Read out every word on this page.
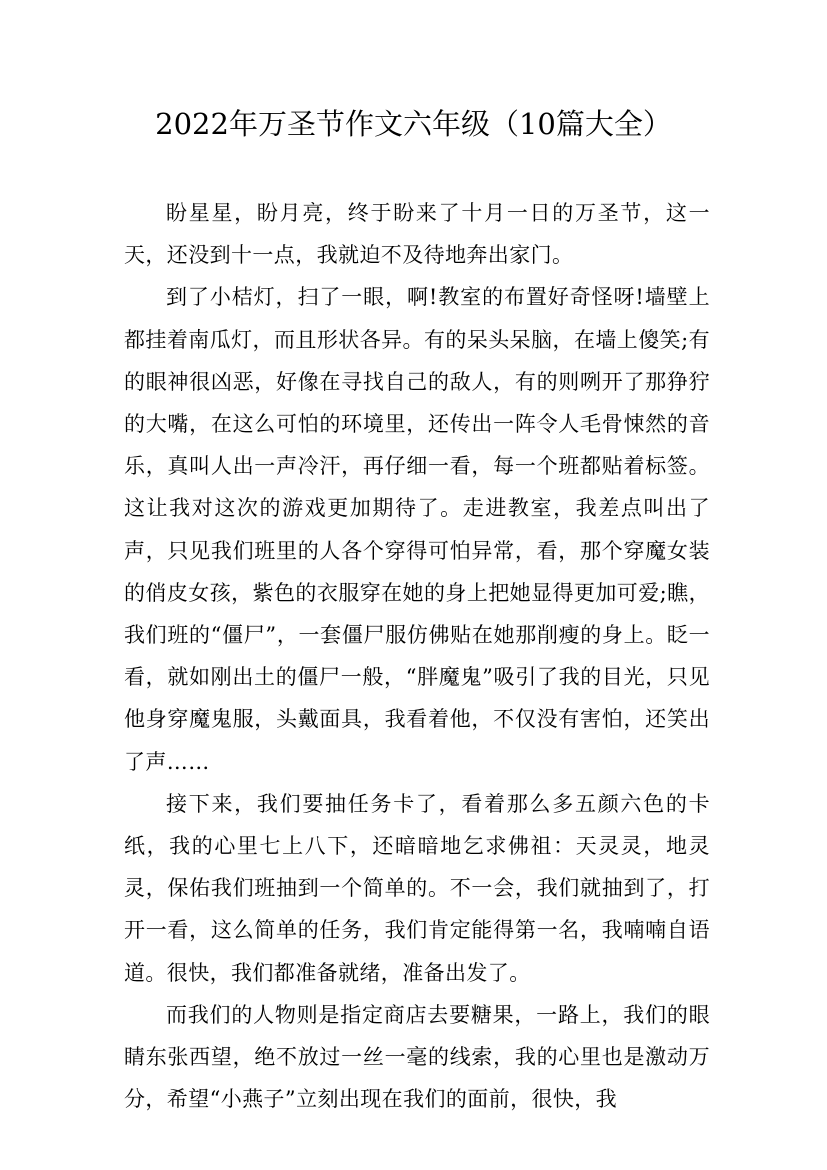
2022年万圣节作文六年级（10篇大全）

盼星星，盼月亮，终于盼来了十月一日的万圣节，这一天，还没到十一点，我就迫不及待地奔出家门。

到了小桔灯，扫了一眼，啊!教室的布置好奇怪呀!墙壁上都挂着南瓜灯，而且形状各异。有的呆头呆脑，在墙上傻笑;有的眼神很凶恶，好像在寻找自己的敌人，有的则咧开了那狰狞的大嘴，在这么可怕的环境里，还传出一阵令人毛骨悚然的音乐，真叫人出一声冷汗，再仔细一看，每一个班都贴着标签。这让我对这次的游戏更加期待了。走进教室，我差点叫出了声，只见我们班里的人各个穿得可怕异常，看，那个穿魔女装的俏皮女孩，紫色的衣服穿在她的身上把她显得更加可爱;瞧，我们班的“僵尸”，一套僵尸服仿佛贴在她那削瘦的身上。眨一看，就如刚出土的僵尸一般，“胖魔鬼”吸引了我的目光，只见他身穿魔鬼服，头戴面具，我看着他，不仅没有害怕，还笑出了声……

接下来，我们要抽任务卡了，看着那么多五颜六色的卡纸，我的心里七上八下，还暗暗地乞求佛祖：天灵灵，地灵灵，保佑我们班抽到一个简单的。不一会，我们就抽到了，打开一看，这么简单的任务，我们肯定能得第一名，我喃喃自语道。很快，我们都准备就绪，准备出发了。

而我们的人物则是指定商店去要糖果，一路上，我们的眼睛东张西望，绝不放过一丝一毫的线索，我的心里也是激动万分，希望“小燕子”立刻出现在我们的面前，很快，我
